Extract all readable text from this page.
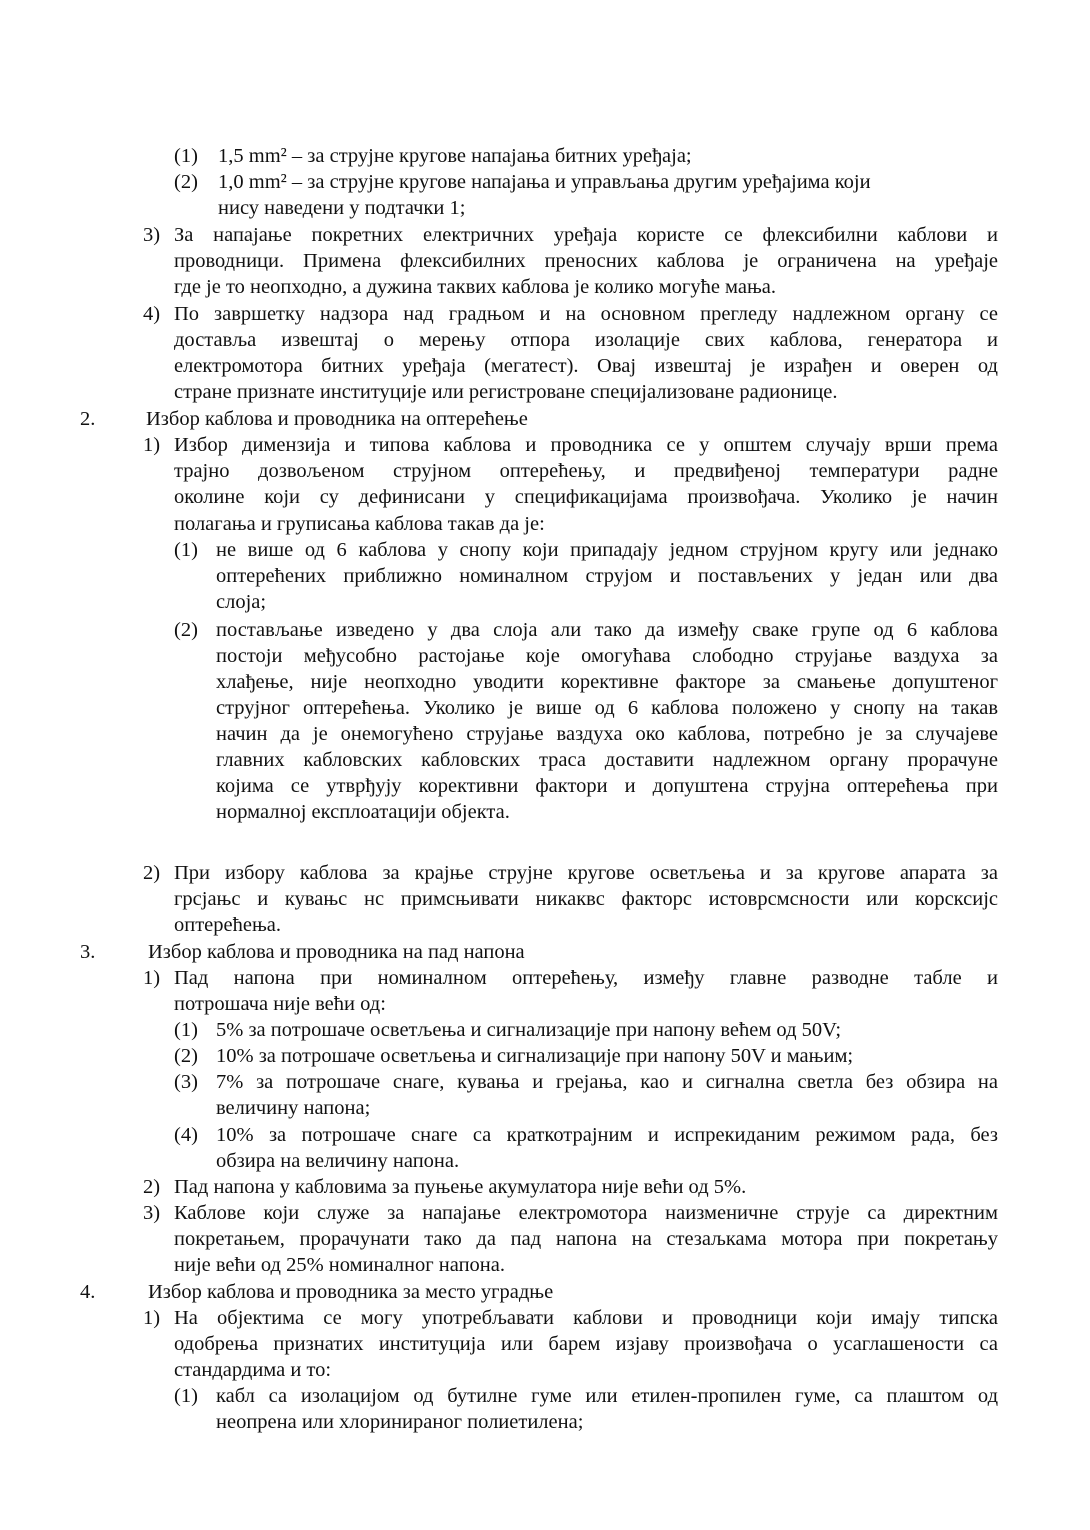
(1) 1,5 mm² – за струјне кругове напајања битних уређаја;
(2) 1,0 mm² – за струјне кругове напајања и управљања другим уређајима који
нису наведени у подтачки 1;
3) За напајање покретних електричних уређаја користе се флексибилни каблови и
проводници. Примена флексибилних преносних каблова је ограничена на уређаје
где је то неопходно, а дужина таквих каблова је колико могуће мања.
4) По завршетку надзора над градњом и на основном прегледу надлежном органу се
доставља извештај о мерењу отпора изолације свих каблова, генератора и
електромотора битних уређаја (мегатест). Овај извештај је израђен и оверен од
стране признате институције или регистроване специјализоване радионице.
2. Избор каблова и проводника на оптерећење
1) Избор димензија и типова каблова и проводника се у општем случају врши према
трајно дозвољеном струјном оптерећењу, и предвиђеној температури радне
околине који су дефинисани у спецификацијама произвођача. Уколико је начин
полагања и груписања каблова такав да је:
(1) не више од 6 каблова у снопу који припадају једном струјном кругу или једнако
оптерећених приближно номиналном струјом и постављених у један или два
слоја;
(2) постављање изведено у два слоја али тако да између сваке групе од 6 каблова
постоји међусобно растојање које омогућава слободно струјање ваздуха за
хлађење, није неопходно уводити корективне факторе за смањење допуштеног
струјног оптерећења. Уколико је више од 6 каблова положено у снопу на такав
начин да је онемогућено струјање ваздуха око каблова, потребно је за случајеве
главних кабловских кабловских траса доставити надлежном органу прорачуне
којима се утврђују корективни фактори и допуштена струјна оптерећења при
нормалној експлоатацији објекта.
2) При избору каблова за крајње струјне кругове осветљења и за кругове апарата за
грсјањс и кувањс нс примсњивати никаквс факторс истоврсмсности или корсксијс
оптерећења.
3.	Избор каблова и проводника на пад напона
1) Пад напона при номиналном оптерећењу, између главне разводне табле и
потрошача није већи од:
(1) 5% за потрошаче осветљења и сигнализације при напону већем од 50V;
(2) 10% за потрошаче осветљења и сигнализације при напону 50V и мањим;
(3) 7% за потрошаче снаге, кувања и грејања, као и сигнална светла без обзира на
величину напона;
(4) 10% за потрошаче снаге са краткотрајним и испрекиданим режимом рада, без
обзира на величину напона.
2) Пад напона у кабловима за пуњење акумулатора није већи од 5%.
3) Каблове који служе за напајање електромотора наизменичне струје са директним
покретањем, прорачунати тако да пад напона на стезаљкама мотора при покретању
није већи од 25% номиналног напона.
4.	Избор каблова и проводника за место уградње
1) На објектима се могу употребљавати каблови и проводници који имају типска
одобрења признатих институција или барем изјаву произвођача о усаглашености са
стандардима и то:
(1) кабл са изолацијом од бутилне гуме или етилен-пропилен гуме, са плаштом од
неопрена или хлоринираног полиетилена;
